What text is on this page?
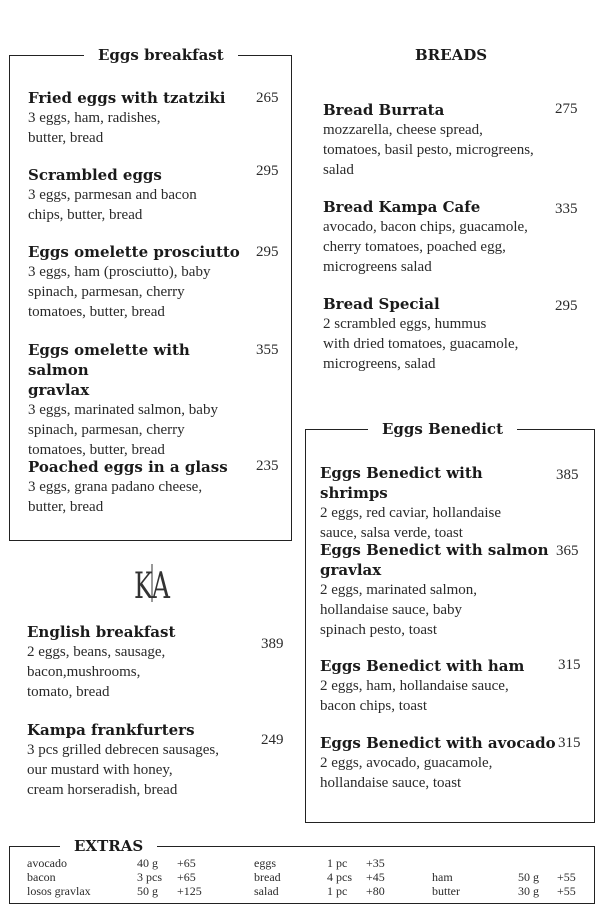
Eggs breakfast
Fried eggs with tzatziki
3 eggs, ham, radishes,
butter, bread
265
Scrambled eggs
3 eggs, parmesan and bacon
chips, butter, bread
295
Eggs omelette prosciutto
3 eggs, ham (prosciutto), baby
spinach, parmesan, cherry
tomatoes, butter, bread
295
Eggs omelette with salmon
gravlax
3 eggs, marinated salmon, baby
spinach, parmesan, cherry
tomatoes, butter, bread
355
Poached eggs in a glass
3 eggs, grana padano cheese,
butter, bread
235
BREADS
Bread Burrata
mozzarella, cheese spread,
tomatoes, basil pesto, microgreens,
salad
275
Bread Kampa Cafe
avocado, bacon chips, guacamole,
cherry tomatoes, poached egg,
microgreens salad
335
Bread Special
2 scrambled eggs, hummus
with dried tomatoes, guacamole,
microgreens, salad
295
KA
English breakfast
2 eggs, beans, sausage,
bacon,mushrooms,
tomato, bread
389
Kampa frankfurters
3 pcs grilled debrecen sausages,
our mustard with honey,
cream horseradish, bread
249
Eggs Benedict
Eggs Benedict with shrimps
2 eggs, red caviar, hollandaise
sauce, salsa verde, toast
385
Eggs Benedict with salmon
gravlax
2 eggs, marinated salmon,
hollandaise sauce, baby
spinach pesto, toast
365
Eggs Benedict with ham
2 eggs, ham, hollandaise sauce,
bacon chips, toast
315
Eggs Benedict with avocado
2 eggs, avocado, guacamole,
hollandaise sauce, toast
315
EXTRAS
avocado	40 g +65
bacon	3 pcs +65
losos gravlax	50 g +125
eggs	1 pc +35
bread	4 pcs +45
salad	1 pc +80
ham	50 g +55
butter	30 g +55
